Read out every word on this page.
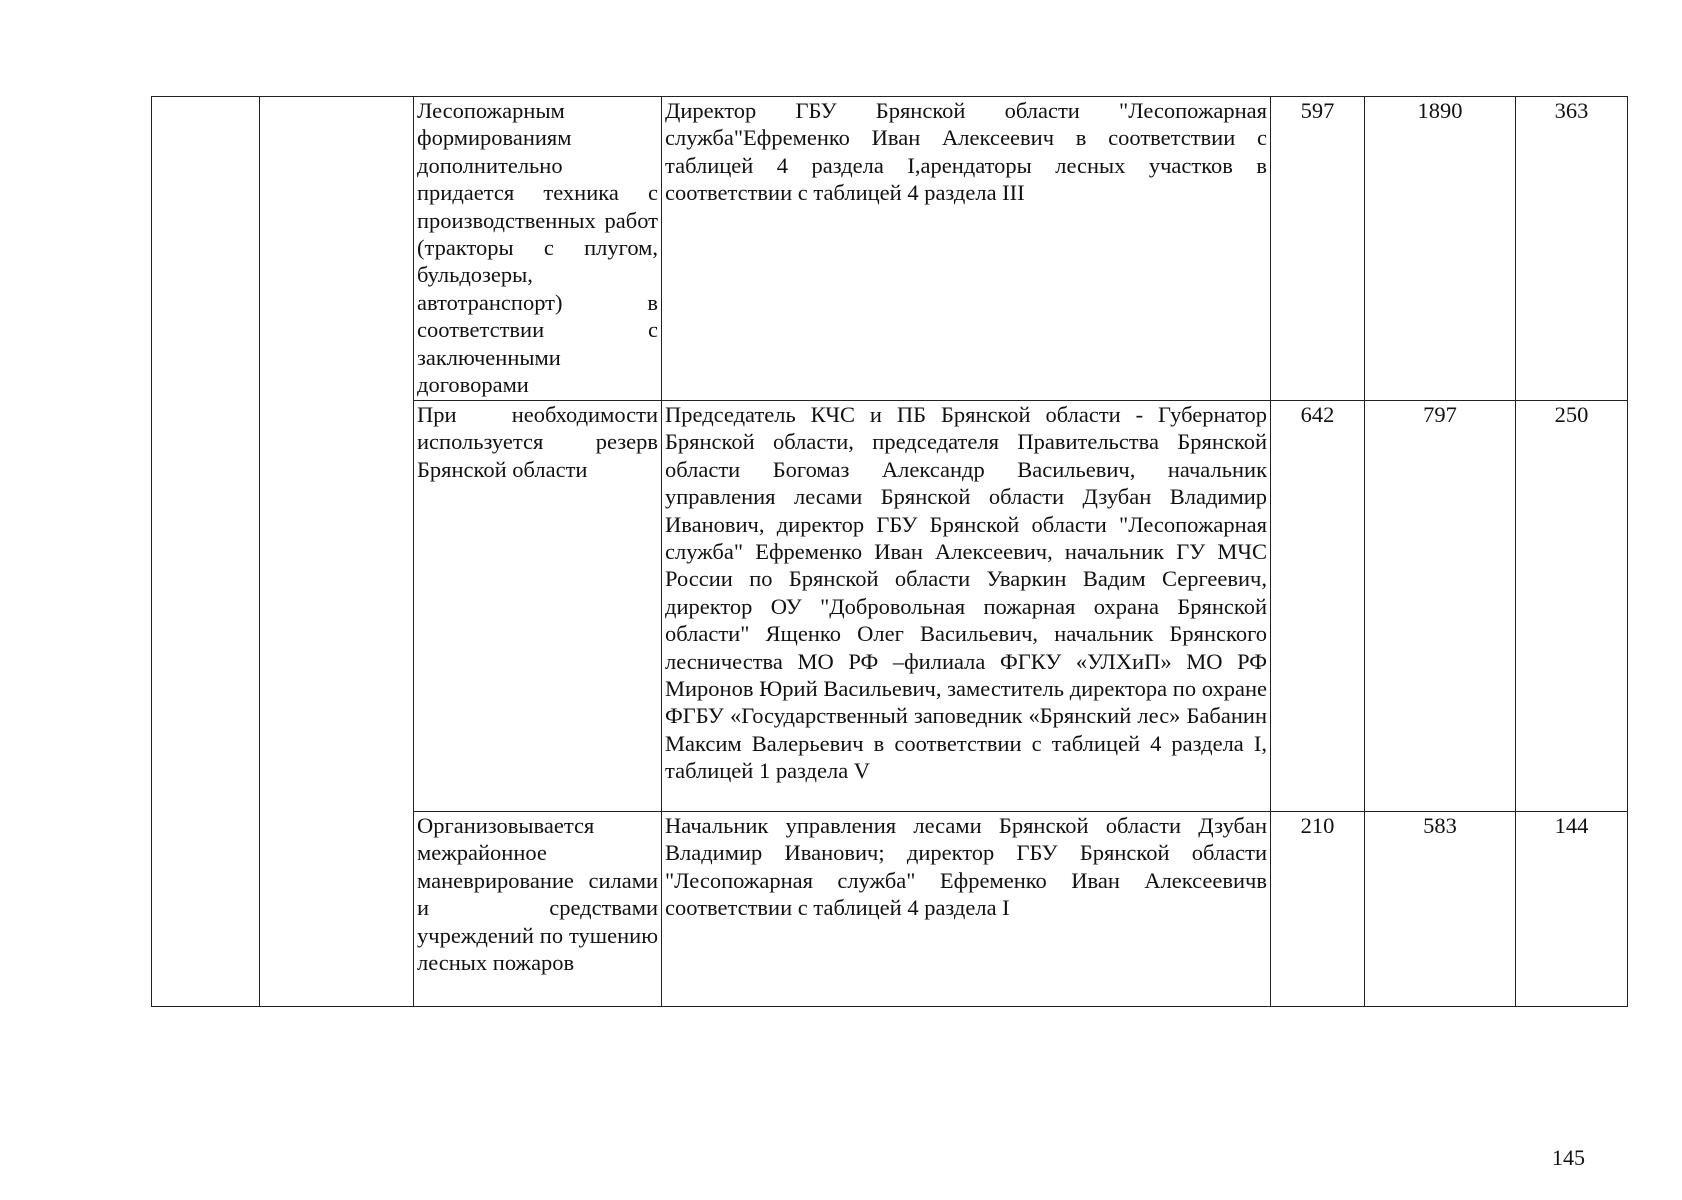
		Лесопожарным формированиям дополнительно придается техника с производственных работ (тракторы с плугом, бульдозеры, автотранспорт) в соответствии с заключенными договорами	Директор ГБУ Брянской области "Лесопожарная служба"Ефременко Иван Алексеевич в соответствии с таблицей 4 раздела I,арендаторы лесных участков в соответствии с таблицей 4 раздела III	597	1890	363
		При необходимости используется резерв Брянской области	Председатель КЧС и ПБ Брянской области - Губернатор Брянской области, председателя Правительства Брянской области Богомаз Александр Васильевич, начальник управления лесами Брянской области Дзубан Владимир Иванович, директор ГБУ Брянской области "Лесопожарная служба" Ефременко Иван Алексеевич, начальник ГУ МЧС России по Брянской области Уваркин Вадим Сергеевич, директор ОУ "Добровольная пожарная охрана Брянской области" Ященко Олег Васильевич, начальник Брянского лесничества МО РФ –филиала ФГКУ «УЛХиП» МО РФ Миронов Юрий Васильевич, заместитель директора по охране ФГБУ «Государственный заповедник «Брянский лес» Бабанин Максим Валерьевич в соответствии с таблицей 4 раздела I, таблицей 1 раздела V	642	797	250
		Организовывается межрайонное маневрирование силами и средствами учреждений по тушению лесных пожаров	Начальник управления лесами Брянской области Дзубан Владимир Иванович; директор ГБУ Брянской области "Лесопожарная служба" Ефременко Иван Алексеевичв соответствии с таблицей 4 раздела I	210	583	144
145
